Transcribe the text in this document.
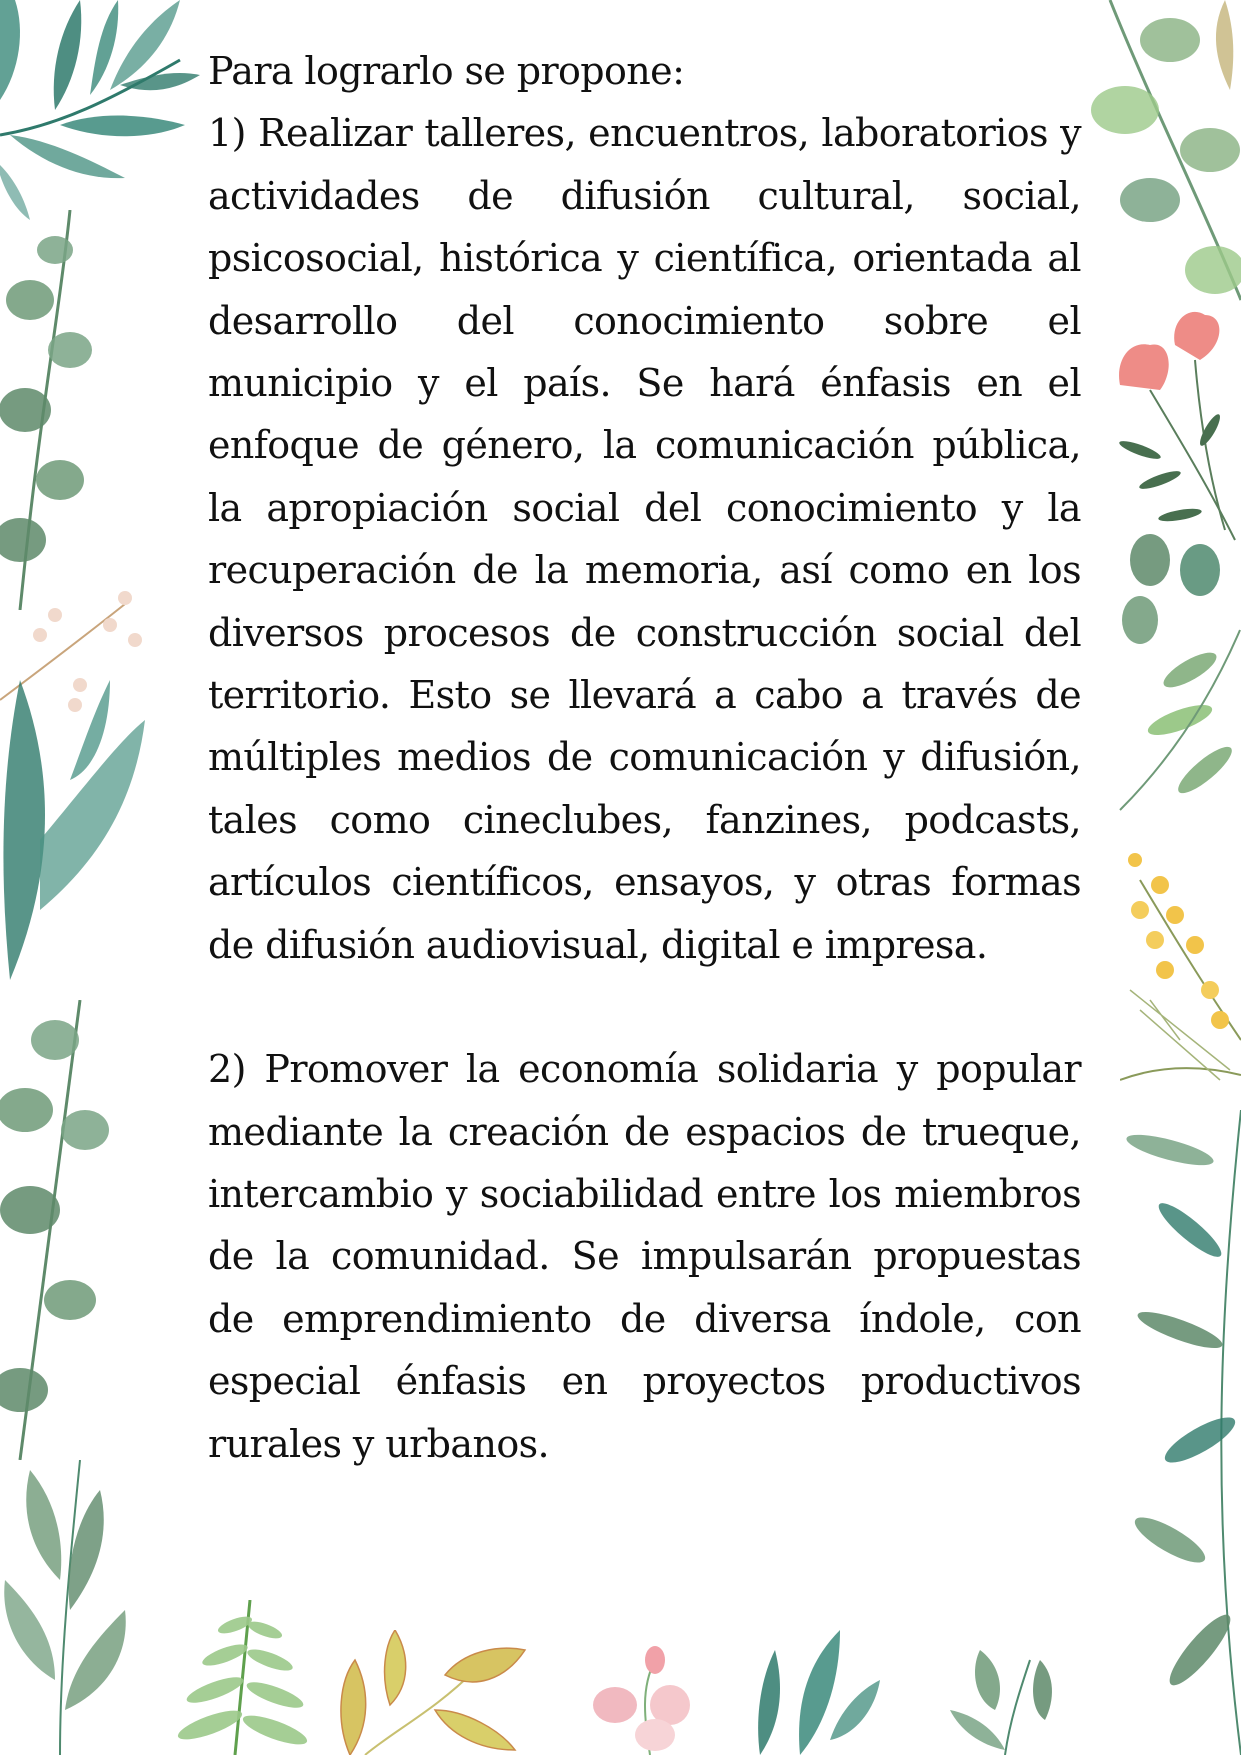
Para lograrlo se propone:

1) Realizar talleres, encuentros, laboratorios y actividades de difusión cultural, social, psicosocial, histórica y científica, orientada al desarrollo del conocimiento sobre el municipio y el país. Se hará énfasis en el enfoque de género, la comunicación pública, la apropiación social del conocimiento y la recuperación de la memoria, así como en los diversos procesos de construcción social del territorio. Esto se llevará a cabo a través de múltiples medios de comunicación y difusión, tales como cineclubes, fanzines, podcasts, artículos científicos, ensayos, y otras formas de difusión audiovisual, digital e impresa.

2) Promover la economía solidaria y popular mediante la creación de espacios de trueque, intercambio y sociabilidad entre los miembros de la comunidad. Se impulsarán propuestas de emprendimiento de diversa índole, con especial énfasis en proyectos productivos rurales y urbanos.
